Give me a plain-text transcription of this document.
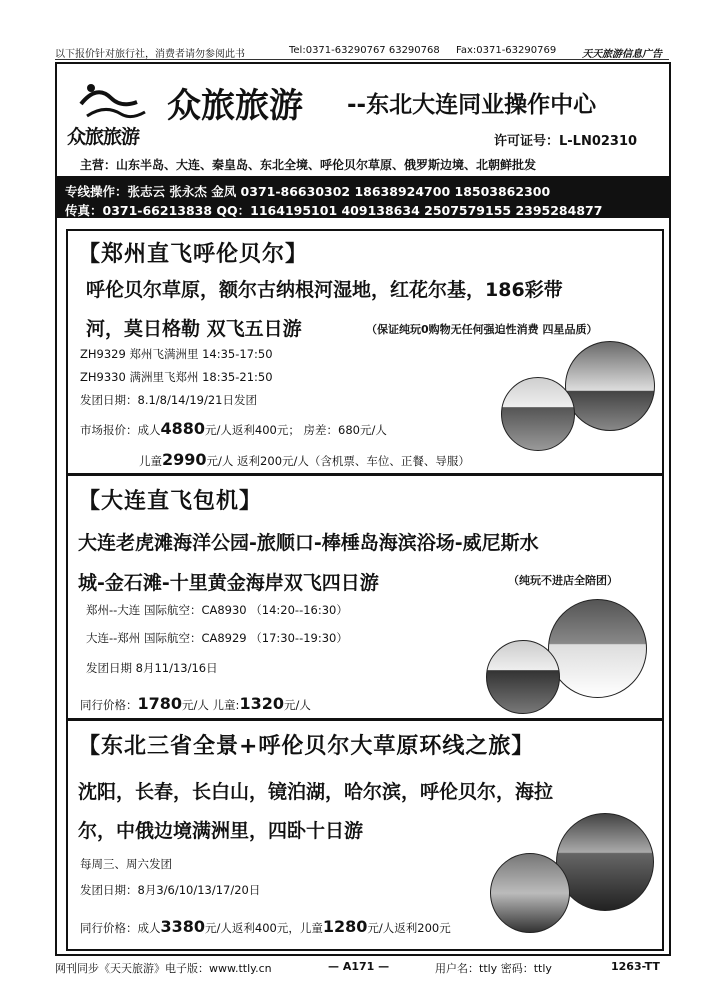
以下报价针对旅行社，消费者请勿参阅此书	Tel:0371-63290767 63290768 Fax:0371-63290769	天天旅游信息广告
众旅旅游
众旅旅游 --东北大连同业操作中心
许可证号：L-LN02310
主营：山东半岛、大连、秦皇岛、东北全境、呼伦贝尔草原、俄罗斯边境、北朝鲜批发
专线操作：张志云 张永杰 金凤 0371-86630302 18638924700 18503862300
传真：0371-66213838 QQ：1164195101 409138634 2507579155 2395284877
【郑州直飞呼伦贝尔】
呼伦贝尔草原，额尔古纳根河湿地，红花尔基，186彩带
河，莫日格勒 双飞五日游	（保证纯玩0购物无任何强迫性消费 四星品质）
ZH9329 郑州飞满洲里 14:35-17:50
ZH9330 满洲里飞郑州 18:35-21:50
发团日期：8.1/8/14/19/21日发团
市场报价：成人4880元/人返利400元； 房差：680元/人
儿童2990元/人 返利200元/人（含机票、车位、正餐、导服）
【大连直飞包机】
大连老虎滩海洋公园-旅顺口-棒棰岛海滨浴场-威尼斯水
城-金石滩-十里黄金海岸双飞四日游	（纯玩不进店全陪团）
郑州--大连 国际航空：CA8930 （14:20--16:30）
大连--郑州 国际航空：CA8929 （17:30--19:30）
发团日期 8月11/13/16日
同行价格：1780元/人 儿童:1320元/人
【东北三省全景+呼伦贝尔大草原环线之旅】
沈阳，长春，长白山，镜泊湖，哈尔滨，呼伦贝尔，海拉
尔，中俄边境满洲里，四卧十日游
每周三、周六发团
发团日期：8月3/6/10/13/17/20日
同行价格：成人3380元/人返利400元，儿童1280元/人返利200元
网刊同步《天天旅游》电子版：www.ttly.cn	— A171 —	用户名：ttly 密码：ttly	1263-TT
